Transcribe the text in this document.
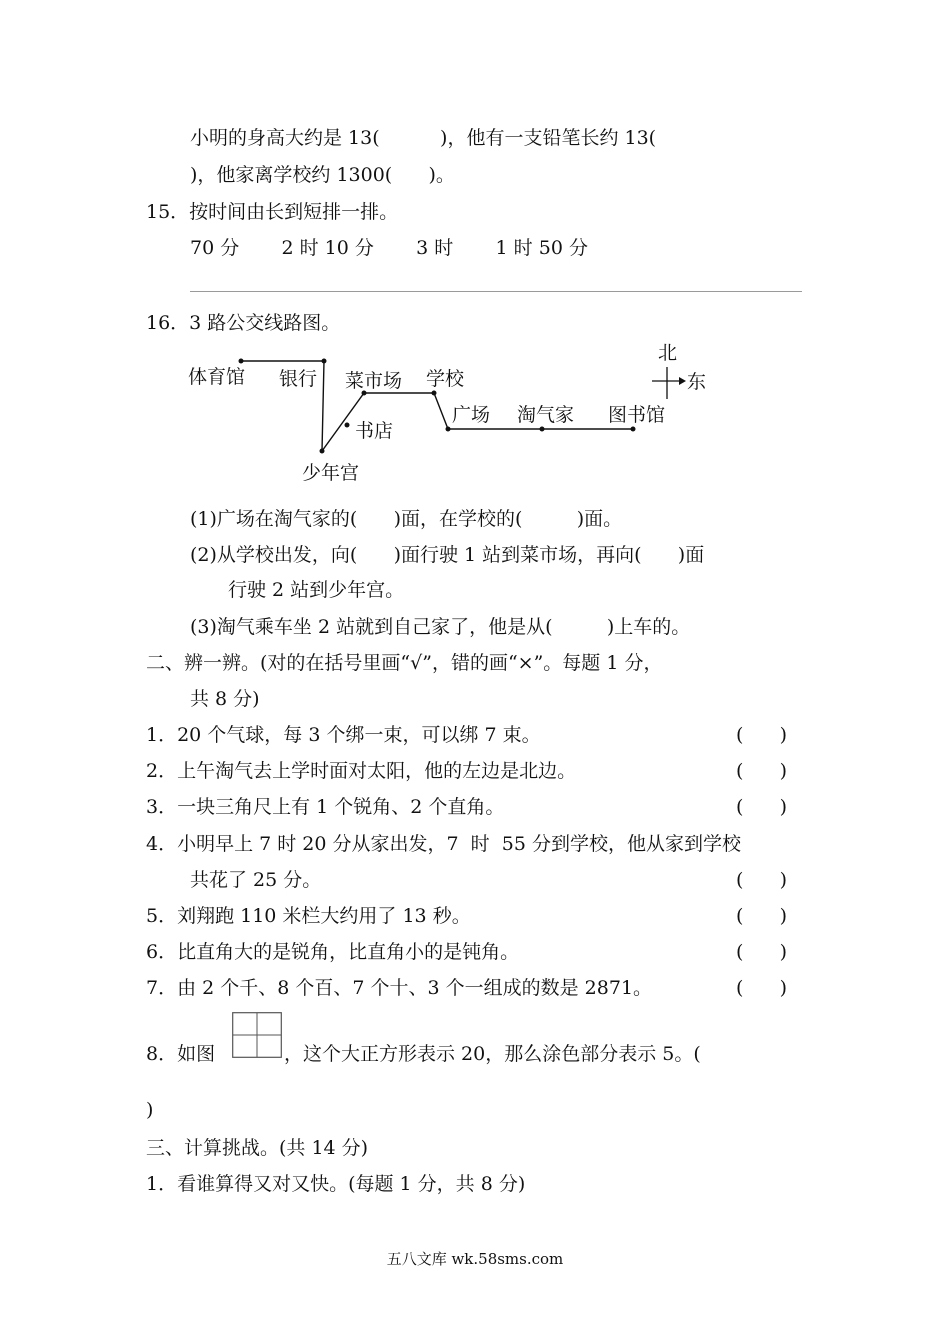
小明的身高大约是 13(          )，他有一支铅笔长约 13(
)，他家离学校约 1300(      )。
15．按时间由长到短排一排。
70 分       2 时 10 分       3 时       1 时 50 分
16．3 路公交线路图。
体育馆 银行 菜市场 学校
书店
少年宫
广场 淘气家 图书馆
北
东
(1)广场在淘气家的(      )面，在学校的(         )面。
(2)从学校出发，向(      )面行驶 1 站到菜市场，再向(      )面
行驶 2 站到少年宫。
(3)淘气乘车坐 2 站就到自己家了，他是从(         )上车的。
二、辨一辨。(对的在括号里画“√”，错的画“×”。每题 1 分，
共 8 分)
1．20 个气球，每 3 个绑一束，可以绑 7 束。	(      )
2．上午淘气去上学时面对太阳，他的左边是北边。	(      )
3．一块三角尺上有 1 个锐角、2 个直角。	(      )
4．小明早上 7 时 20 分从家出发，7  时  55 分到学校，他从家到学校
共花了 25 分。	(      )
5．刘翔跑 110 米栏大约用了 13 秒。	(      )
6．比直角大的是锐角，比直角小的是钝角。	(      )
7．由 2 个千、8 个百、7 个十、3 个一组成的数是 2871。	(      )
8．如图	，这个大正方形表示 20，那么涂色部分表示 5。(
)
三、计算挑战。(共 14 分)
1．看谁算得又对又快。(每题 1 分，共 8 分)
五八文库 wk.58sms.com
